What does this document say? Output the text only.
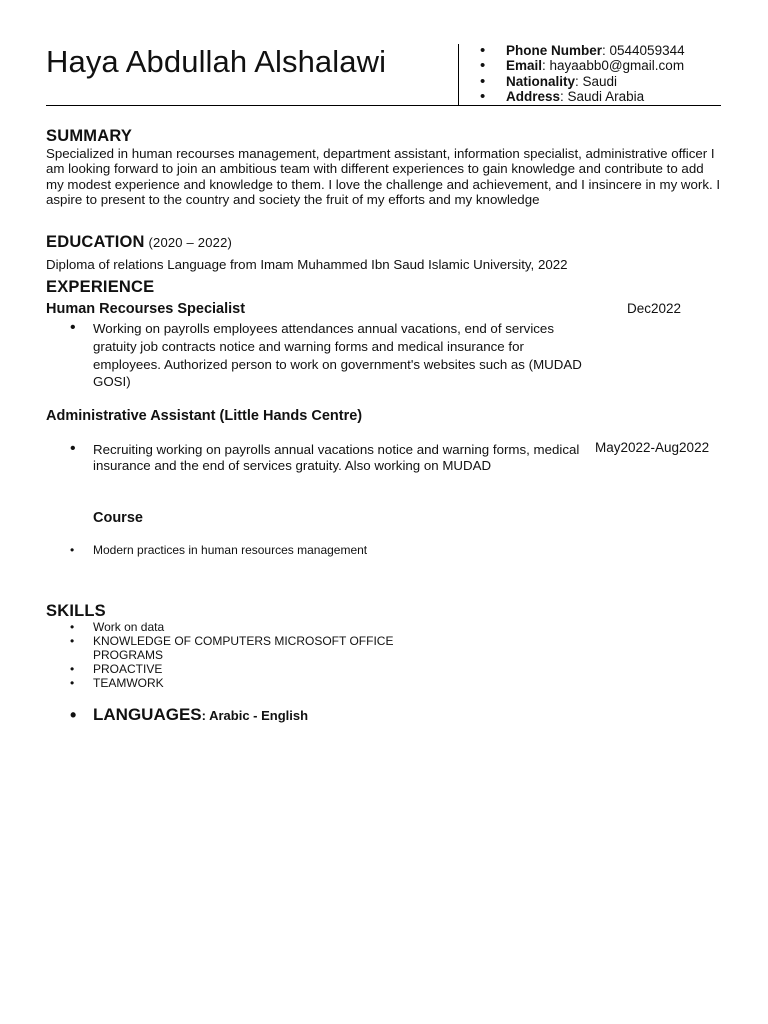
Haya Abdullah Alshalawi
•	Phone Number: 0544059344
• Email: hayaabb0@gmail.com
• Nationality: Saudi
• Address: Saudi Arabia
SUMMARY
Specialized in human recourses management, department assistant, information specialist, administrative officer I am looking forward to join an ambitious team with different experiences to gain knowledge and contribute to add my modest experience and knowledge to them. I love the challenge and achievement, and I insincere in my work. I aspire to present to the country and society the fruit of my efforts and my knowledge
EDUCATION (2020 – 2022)
Diploma of relations Language from Imam Muhammed Ibn Saud Islamic University, 2022
EXPERIENCE
Human Recourses Specialist	Dec2022
• Working on payrolls employees attendances annual vacations, end of services gratuity job contracts notice and warning forms and medical insurance for employees. Authorized person to work on government's websites such as (MUDAD GOSI)
Administrative Assistant (Little Hands Centre)
May2022-Aug2022
• Recruiting working on payrolls annual vacations notice and warning forms, medical insurance and the end of services gratuity. Also working on MUDAD
Course
• Modern practices in human resources management
SKILLS
• Work on data
• KNOWLEDGE OF COMPUTERS MICROSOFT OFFICE PROGRAMS
• PROACTIVE
• TEAMWORK
• LANGUAGES: Arabic - English
